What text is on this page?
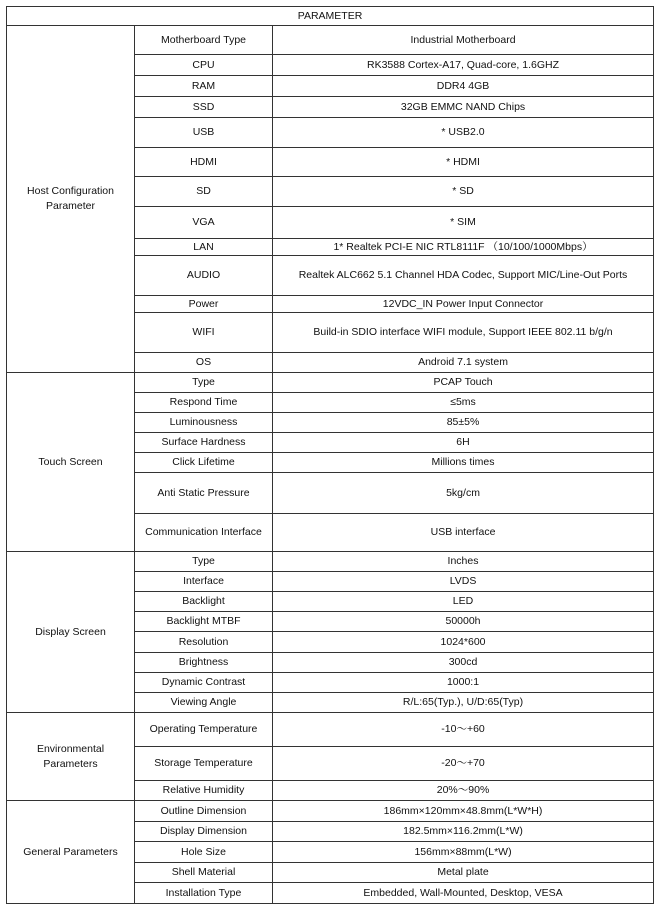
PARAMETER		
Host Configuration Parameter	Motherboard Type	Industrial Motherboard
	CPU	RK3588 Cortex-A17, Quad-core, 1.6GHZ
	RAM	DDR4 4GB
	SSD	32GB EMMC NAND Chips
	USB	* USB2.0
	HDMI	* HDMI
	SD	* SD
	VGA	* SIM
	LAN	1* Realtek PCI-E NIC RTL8111F （10/100/1000Mbps）
	AUDIO	Realtek ALC662 5.1 Channel HDA Codec, Support MIC/Line-Out Ports
	Power	12VDC_IN Power Input Connector
	WIFI	Build-in SDIO interface WIFI module, Support IEEE 802.11 b/g/n
	OS	Android 7.1 system
Touch Screen	Type	PCAP Touch
	Respond Time	≤5ms
	Luminousness	85±5%
	Surface Hardness	6H
	Click Lifetime	Millions times
	Anti Static Pressure	5kg/cm
	Communication Interface	USB interface
Display Screen	Type	Inches
	Interface	LVDS
	Backlight	LED
	Backlight MTBF	50000h
	Resolution	1024*600
	Brightness	300cd
	Dynamic Contrast	1000:1
	Viewing Angle	R/L:65(Typ.), U/D:65(Typ)
Environmental Parameters	Operating Temperature	-10～+60
	Storage Temperature	-20～+70
	Relative Humidity	20%～90%
General Parameters	Outline Dimension	186mm×120mm×48.8mm(L*W*H)
	Display Dimension	182.5mm×116.2mm(L*W)
	Hole Size	156mm×88mm(L*W)
	Shell Material	Metal plate
	Installation Type	Embedded, Wall-Mounted, Desktop, VESA
